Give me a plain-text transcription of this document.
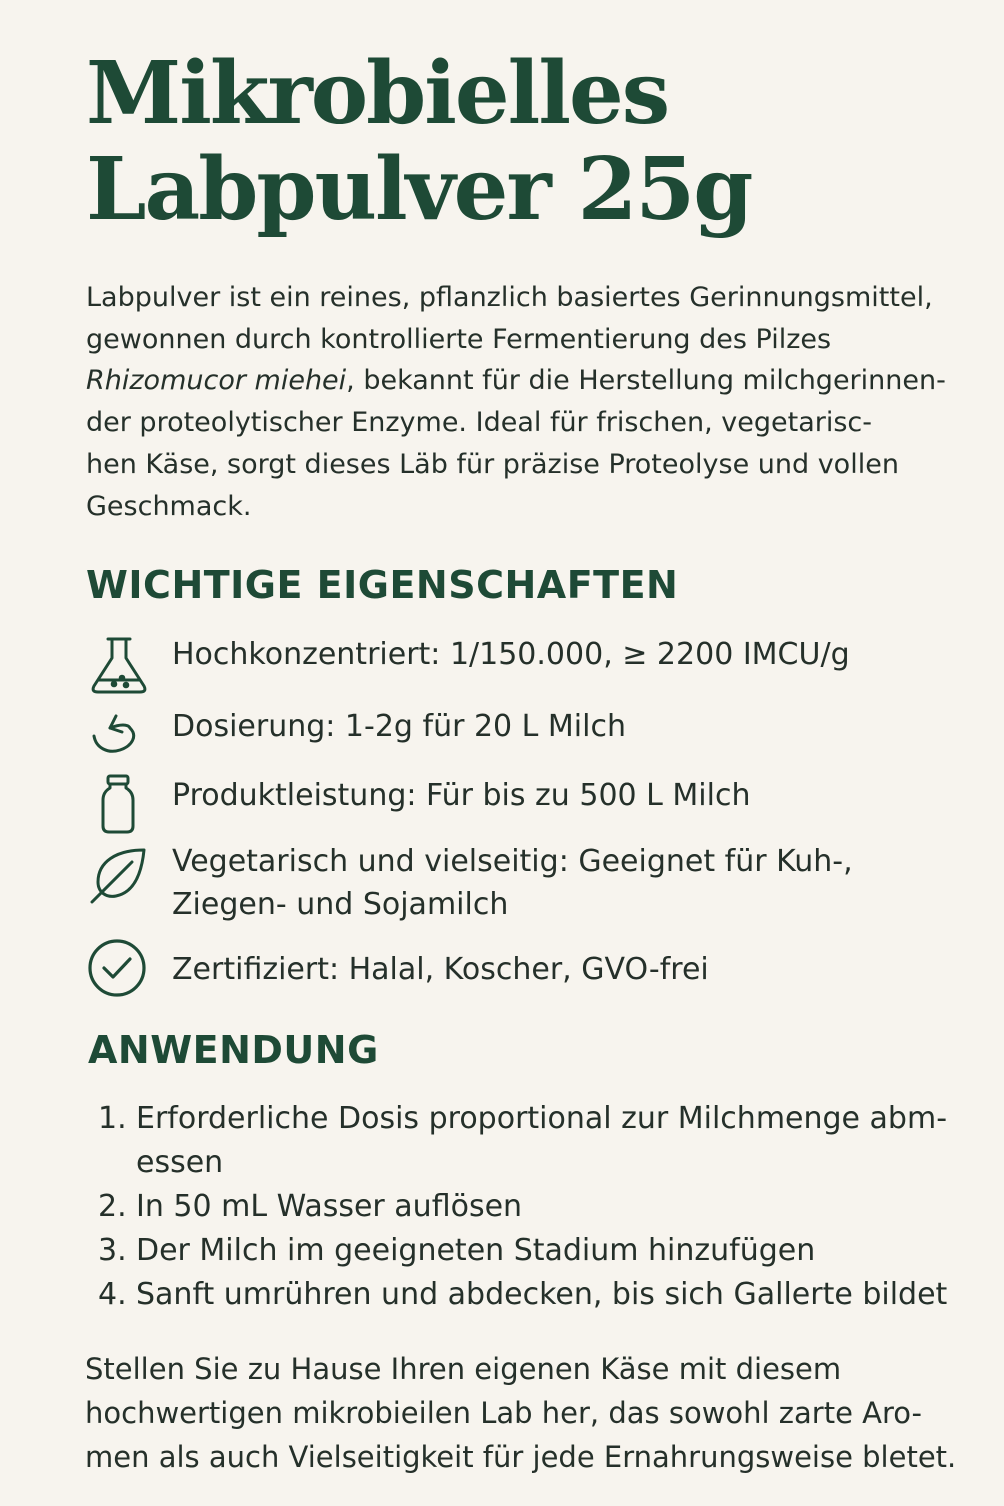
Mikrobielles
Labpulver 25g

Labpulver ist ein reines, pflanzlich basiertes Gerinnungsmittel,
gewonnen durch kontrollierte Fermentierung des Pilzes
Rhizomucor miehei, bekannt für die Herstellung milchgerinnen-
der proteolytischer Enzyme. Ideal für frischen, vegetarisc-
hen Käse, sorgt dieses Läb für präzise Proteolyse und vollen
Geschmack.

WICHTIGE EIGENSCHAFTEN
Hochkonzentriert: 1/150.000, ≥ 2200 IMCU/g
Dosierung: 1-2g für 20 L Milch
Produktleistung: Für bis zu 500 L Milch
Vegetarisch und vielseitig: Geeignet für Kuh-,
Ziegen- und Sojamilch
Zertifiziert: Halal, Koscher, GVO-frei
ANWENDUNG
1. Erforderliche Dosis proportional zur Milchmenge abm-
essen
2. In 50 mL Wasser auflösen
3. Der Milch im geeigneten Stadium hinzufügen
4. Sanft umrühren und abdecken, bis sich Gallerte bildet

Stellen Sie zu Hause Ihren eigenen Käse mit diesem
hochwertigen mikrobieilen Lab her, das sowohl zarte Aro-
men als auch Vielseitigkeit für jede Ernahrungsweise bletet.
